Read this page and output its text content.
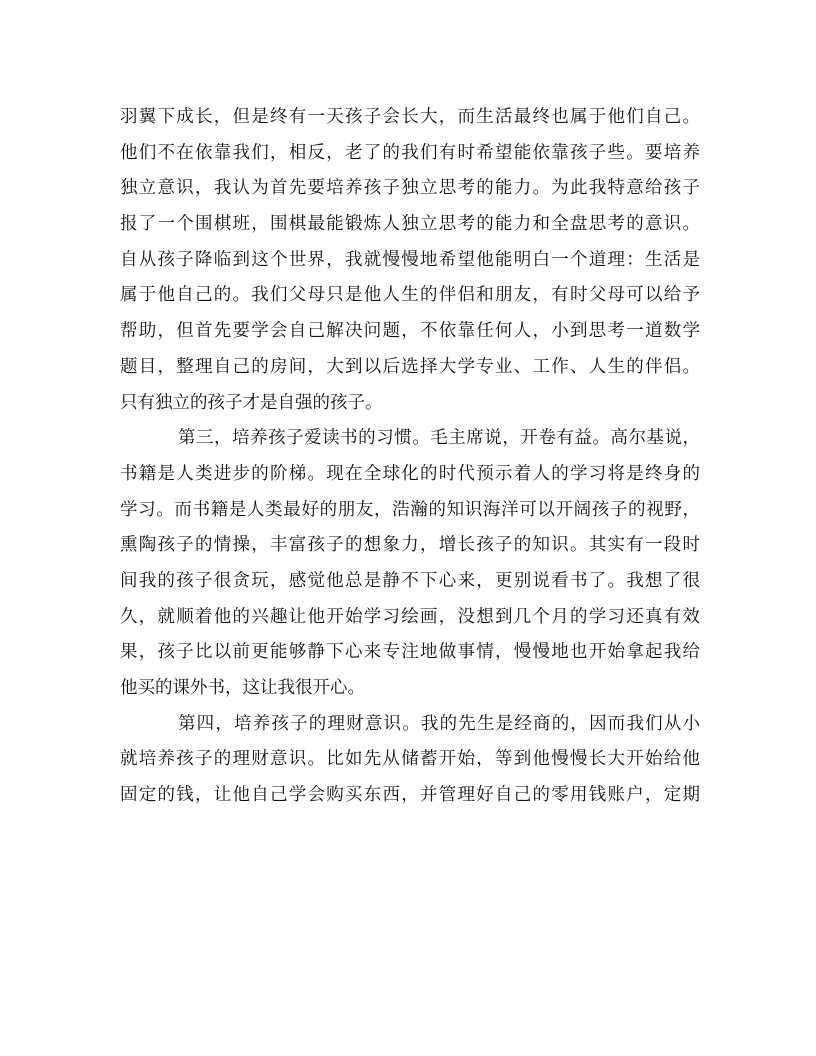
羽翼下成长，但是终有一天孩子会长大，而生活最终也属于他们自己。
他们不在依靠我们，相反，老了的我们有时希望能依靠孩子些。要培养
独立意识，我认为首先要培养孩子独立思考的能力。为此我特意给孩子
报了一个围棋班，围棋最能锻炼人独立思考的能力和全盘思考的意识。
自从孩子降临到这个世界，我就慢慢地希望他能明白一个道理：生活是
属于他自己的。我们父母只是他人生的伴侣和朋友，有时父母可以给予
帮助，但首先要学会自己解决问题，不依靠任何人，小到思考一道数学
题目，整理自己的房间，大到以后选择大学专业、工作、人生的伴侣。
只有独立的孩子才是自强的孩子。
第三，培养孩子爱读书的习惯。毛主席说，开卷有益。高尔基说，
书籍是人类进步的阶梯。现在全球化的时代预示着人的学习将是终身的
学习。而书籍是人类最好的朋友，浩瀚的知识海洋可以开阔孩子的视野，
熏陶孩子的情操，丰富孩子的想象力，增长孩子的知识。其实有一段时
间我的孩子很贪玩，感觉他总是静不下心来，更别说看书了。我想了很
久，就顺着他的兴趣让他开始学习绘画，没想到几个月的学习还真有效
果，孩子比以前更能够静下心来专注地做事情，慢慢地也开始拿起我给
他买的课外书，这让我很开心。
第四，培养孩子的理财意识。我的先生是经商的，因而我们从小
就培养孩子的理财意识。比如先从储蓄开始，等到他慢慢长大开始给他
固定的钱，让他自己学会购买东西，并管理好自己的零用钱账户，定期
